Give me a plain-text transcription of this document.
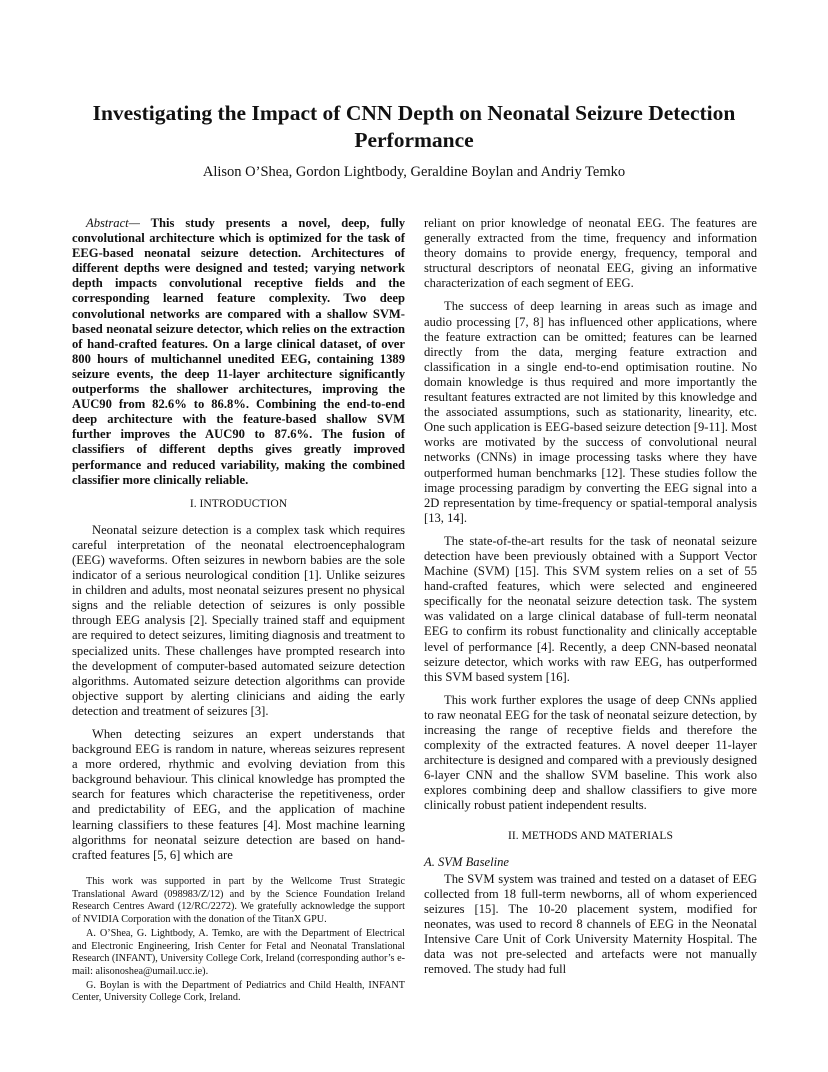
Investigating the Impact of CNN Depth on Neonatal Seizure Detection Performance
Alison O’Shea, Gordon Lightbody, Geraldine Boylan and Andriy Temko

Abstract— This study presents a novel, deep, fully convolutional architecture which is optimized for the task of EEG-based neonatal seizure detection. Architectures of different depths were designed and tested; varying network depth impacts convolutional receptive fields and the corresponding learned feature complexity. Two deep convolutional networks are compared with a shallow SVM-based neonatal seizure detector, which relies on the extraction of hand-crafted features. On a large clinical dataset, of over 800 hours of multichannel unedited EEG, containing 1389 seizure events, the deep 11-layer architecture significantly outperforms the shallower architectures, improving the AUC90 from 82.6% to 86.8%. Combining the end-to-end deep architecture with the feature-based shallow SVM further improves the AUC90 to 87.6%. The fusion of classifiers of different depths gives greatly improved performance and reduced variability, making the combined classifier more clinically reliable.

I. INTRODUCTION

Neonatal seizure detection is a complex task which requires careful interpretation of the neonatal electroencephalogram (EEG) waveforms. Often seizures in newborn babies are the sole indicator of a serious neurological condition [1]. Unlike seizures in children and adults, most neonatal seizures present no physical signs and the reliable detection of seizures is only possible through EEG analysis [2]. Specially trained staff and equipment are required to detect seizures, limiting diagnosis and treatment to specialized units. These challenges have prompted research into the development of computer-based automated seizure detection algorithms. Automated seizure detection algorithms can provide objective support by alerting clinicians and aiding the early detection and treatment of seizures [3].

When detecting seizures an expert understands that background EEG is random in nature, whereas seizures represent a more ordered, rhythmic and evolving deviation from this background behaviour. This clinical knowledge has prompted the search for features which characterise the repetitiveness, order and predictability of EEG, and the application of machine learning classifiers to these features [4]. Most machine learning algorithms for neonatal seizure detection are based on hand-crafted features [5, 6] which are

This work was supported in part by the Wellcome Trust Strategic Translational Award (098983/Z/12) and by the Science Foundation Ireland Research Centres Award (12/RC/2272). We gratefully acknowledge the support of NVIDIA Corporation with the donation of the TitanX GPU.

A. O’Shea, G. Lightbody, A. Temko, are with the Department of Electrical and Electronic Engineering, Irish Center for Fetal and Neonatal Translational Research (INFANT), University College Cork, Ireland (corresponding author’s e-mail: alisonoshea@umail.ucc.ie).

G. Boylan is with the Department of Pediatrics and Child Health, INFANT Center, University College Cork, Ireland.

reliant on prior knowledge of neonatal EEG. The features are generally extracted from the time, frequency and information theory domains to provide energy, frequency, temporal and structural descriptors of neonatal EEG, giving an informative characterization of each segment of EEG.

The success of deep learning in areas such as image and audio processing [7, 8] has influenced other applications, where the feature extraction can be omitted; features can be learned directly from the data, merging feature extraction and classification in a single end-to-end optimisation routine. No domain knowledge is thus required and more importantly the resultant features extracted are not limited by this knowledge and the associated assumptions, such as stationarity, linearity, etc. One such application is EEG-based seizure detection [9-11]. Most works are motivated by the success of convolutional neural networks (CNNs) in image processing tasks where they have outperformed human benchmarks [12]. These studies follow the image processing paradigm by converting the EEG signal into a 2D representation by time-frequency or spatial-temporal analysis [13, 14].

The state-of-the-art results for the task of neonatal seizure detection have been previously obtained with a Support Vector Machine (SVM) [15]. This SVM system relies on a set of 55 hand-crafted features, which were selected and engineered specifically for the neonatal seizure detection task. The system was validated on a large clinical database of full-term neonatal EEG to confirm its robust functionality and clinically acceptable level of performance [4]. Recently, a deep CNN-based neonatal seizure detector, which works with raw EEG, has outperformed this SVM based system [16].

This work further explores the usage of deep CNNs applied to raw neonatal EEG for the task of neonatal seizure detection, by increasing the range of receptive fields and therefore the complexity of the extracted features. A novel deeper 11-layer architecture is designed and compared with a previously designed 6-layer CNN and the shallow SVM baseline. This work also explores combining deep and shallow classifiers to give more clinically robust patient independent results.

II. METHODS AND MATERIALS
A. SVM Baseline

The SVM system was trained and tested on a dataset of EEG collected from 18 full-term newborns, all of whom experienced seizures [15]. The 10-20 placement system, modified for neonates, was used to record 8 channels of EEG in the Neonatal Intensive Care Unit of Cork University Maternity Hospital. The data was not pre-selected and artefacts were not manually removed. The study had full
